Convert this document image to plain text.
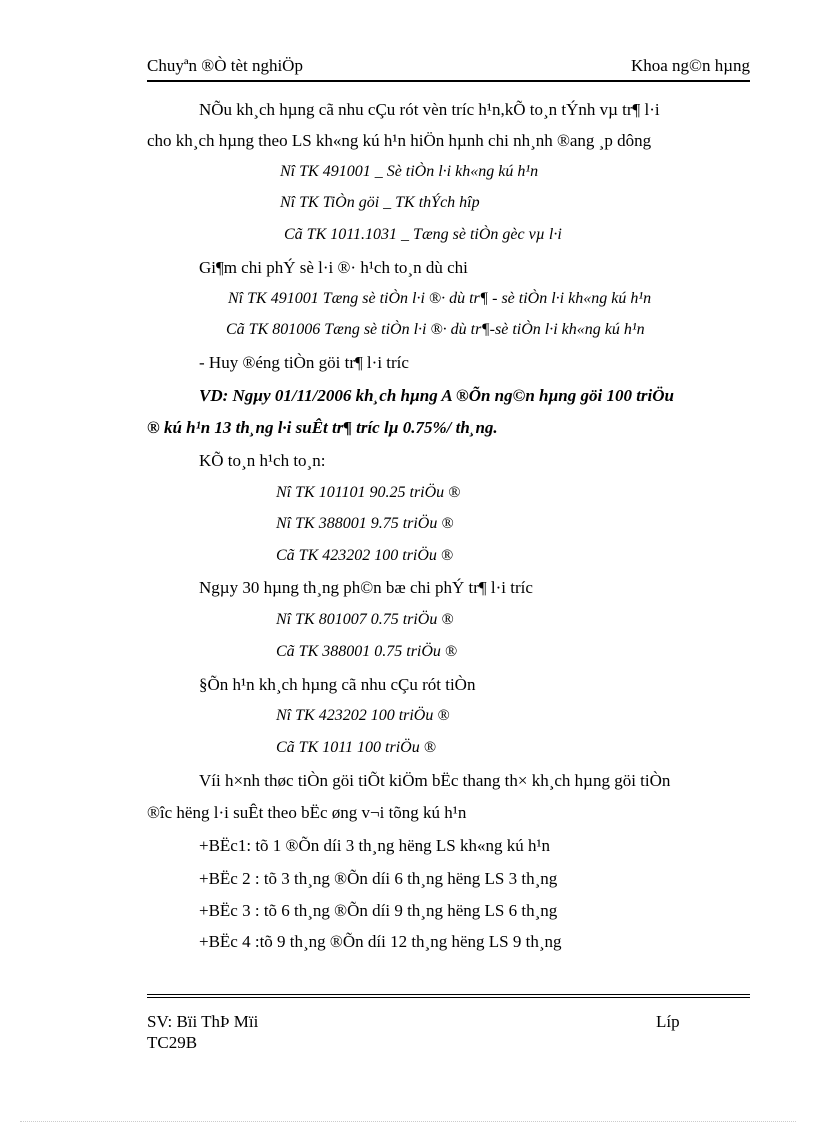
Chuyªn ®Ò tèt nghiÖp	Khoa ng©n hµng
NÕu kh¸ch hµng cã nhu cÇu rót vèn tríc h¹n,kÕ to¸n tÝnh vµ tr¶ l·i
cho kh¸ch hµng theo LS kh«ng kú h¹n hiÖn hµnh chi nh¸nh ®ang ¸p dông
Nî TK 491001 _ Sè tiÒn l·i kh«ng kú h¹n
Nî TK TiÒn göi _ TK thÝch hîp
Cã TK 1011.1031 _ Tæng sè tiÒn gèc vµ l·i
Gi¶m chi phÝ sè l·i ®· h¹ch to¸n dù chi
Nî TK 491001 Tæng sè tiÒn l·i ®· dù tr¶ - sè tiÒn l·i kh«ng kú h¹n
Cã TK 801006 Tæng sè tiÒn l·i ®· dù tr¶-sè tiÒn l·i kh«ng kú h¹n
- Huy ®éng tiÒn göi tr¶ l·i tríc
VD: Ngµy 01/11/2006 kh¸ch hµng A ®Õn ng©n hµng göi 100 triÖu
® kú h¹n 13 th¸ng l·i suÊt tr¶ tríc lµ 0.75%/ th¸ng.
KÕ to¸n h¹ch to¸n:
Nî TK 101101 90.25 triÖu ®
Nî TK 388001 9.75 triÖu ®
Cã TK 423202 100 triÖu ®
Ngµy 30 hµng th¸ng ph©n bæ chi phÝ tr¶ l·i tríc
Nî TK 801007 0.75 triÖu ®
Cã TK 388001 0.75 triÖu ®
§Õn h¹n kh¸ch hµng cã nhu cÇu rót tiÒn
Nî TK 423202 100 triÖu ®
Cã TK 1011 100 triÖu ®
Víi h×nh thøc tiÒn göi tiÕt kiÖm bËc thang th× kh¸ch hµng göi tiÒn
®îc hëng l·i suÊt theo bËc øng v¬i tõng kú h¹n
+BËc1: tõ 1 ®Õn díi 3 th¸ng hëng LS kh«ng kú h¹n
+BËc 2 : tõ 3 th¸ng ®Õn díi 6 th¸ng hëng LS 3 th¸ng
+BËc 3 : tõ 6 th¸ng ®Õn díi 9 th¸ng hëng LS 6 th¸ng
+BËc 4 :tõ 9 th¸ng ®Õn díi 12 th¸ng hëng LS 9 th¸ng
SV: Bïi ThÞ Mïi	Líp
TC29B
